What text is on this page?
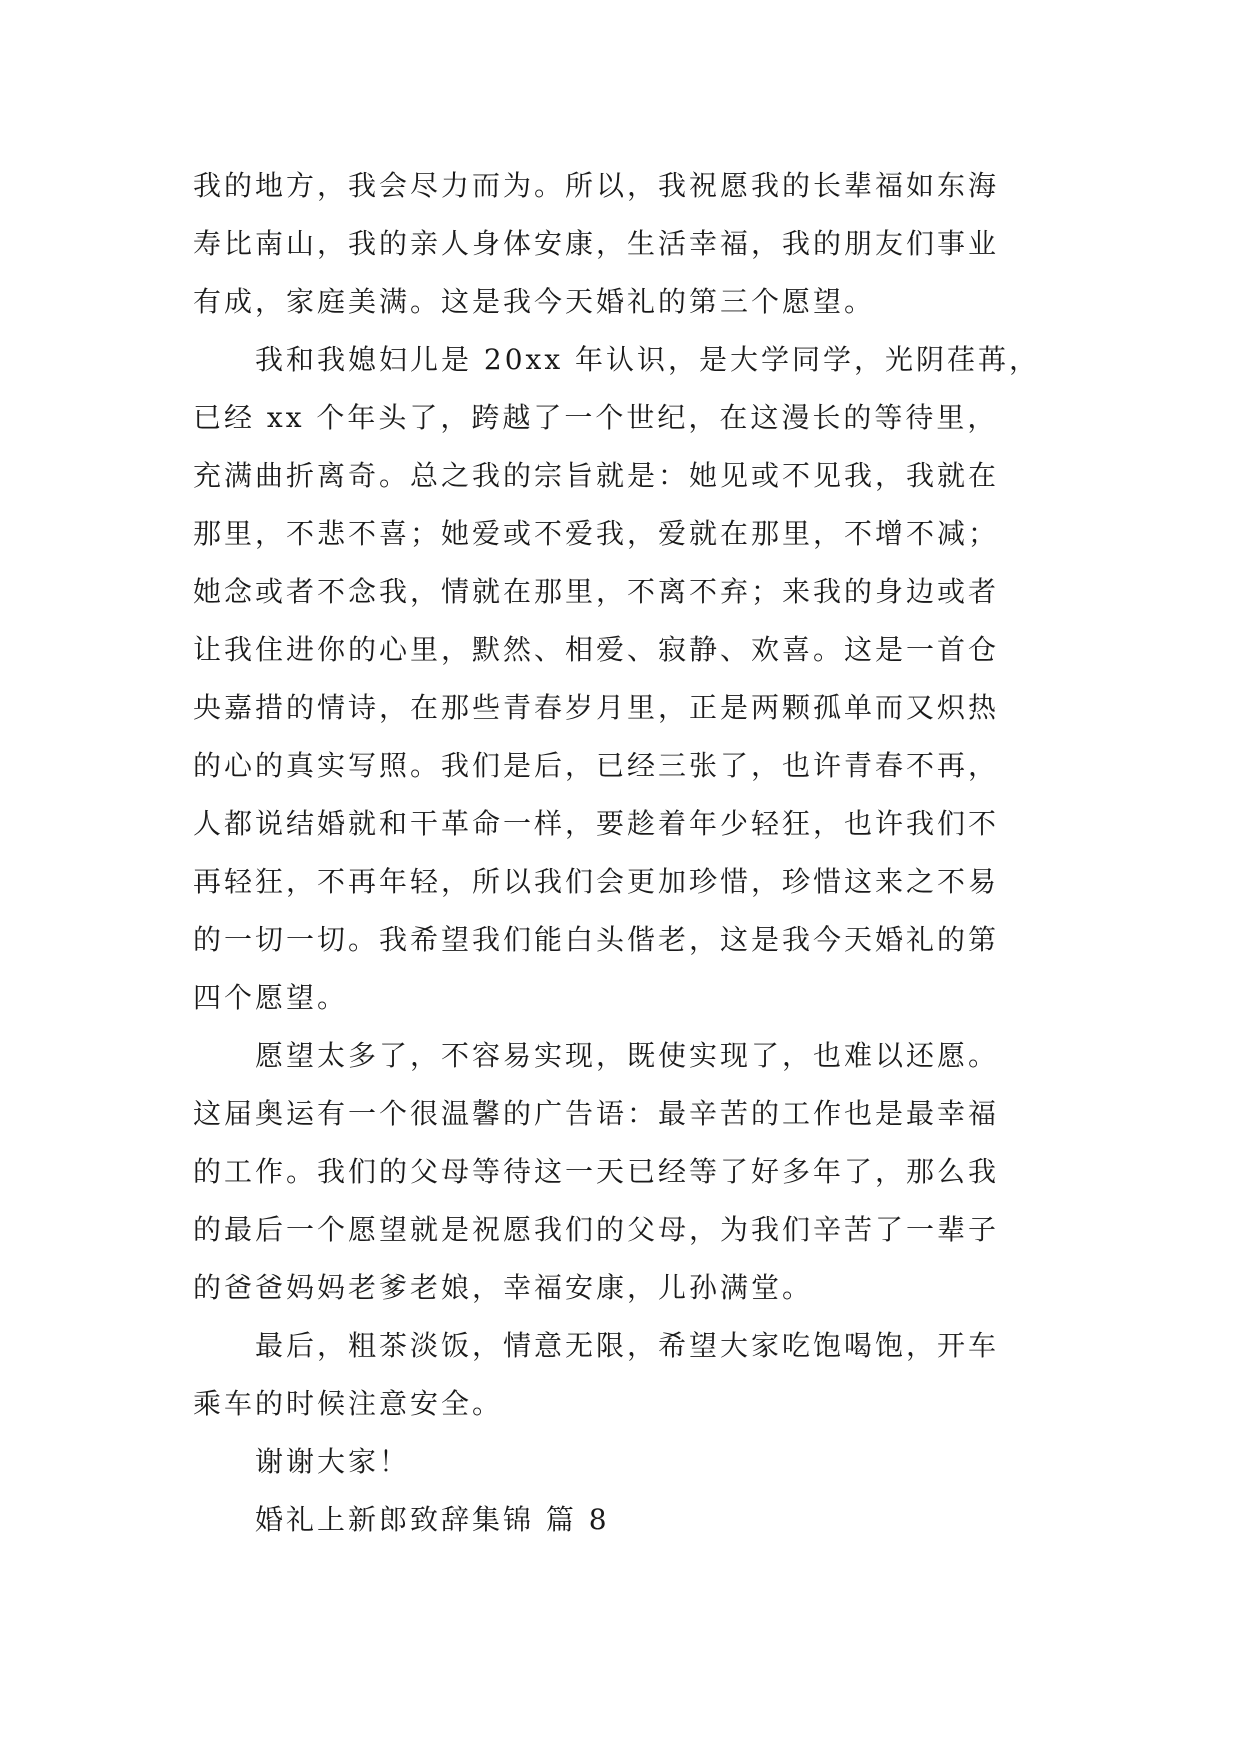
我的地方，我会尽力而为。所以，我祝愿我的长辈福如东海
寿比南山，我的亲人身体安康，生活幸福，我的朋友们事业
有成，家庭美满。这是我今天婚礼的第三个愿望。
我和我媳妇儿是 20xx 年认识，是大学同学，光阴荏苒，
已经 xx 个年头了，跨越了一个世纪，在这漫长的等待里，
充满曲折离奇。总之我的宗旨就是：她见或不见我，我就在
那里，不悲不喜；她爱或不爱我，爱就在那里，不增不减；
她念或者不念我，情就在那里，不离不弃；来我的身边或者
让我住进你的心里，默然、相爱、寂静、欢喜。这是一首仓
央嘉措的情诗，在那些青春岁月里，正是两颗孤单而又炽热
的心的真实写照。我们是后，已经三张了，也许青春不再，
人都说结婚就和干革命一样，要趁着年少轻狂，也许我们不
再轻狂，不再年轻，所以我们会更加珍惜，珍惜这来之不易
的一切一切。我希望我们能白头偕老，这是我今天婚礼的第
四个愿望。
愿望太多了，不容易实现，既使实现了，也难以还愿。
这届奥运有一个很温馨的广告语：最辛苦的工作也是最幸福
的工作。我们的父母等待这一天已经等了好多年了，那么我
的最后一个愿望就是祝愿我们的父母，为我们辛苦了一辈子
的爸爸妈妈老爹老娘，幸福安康，儿孙满堂。
最后，粗茶淡饭，情意无限，希望大家吃饱喝饱，开车
乘车的时候注意安全。
谢谢大家！
婚礼上新郎致辞集锦 篇 8
